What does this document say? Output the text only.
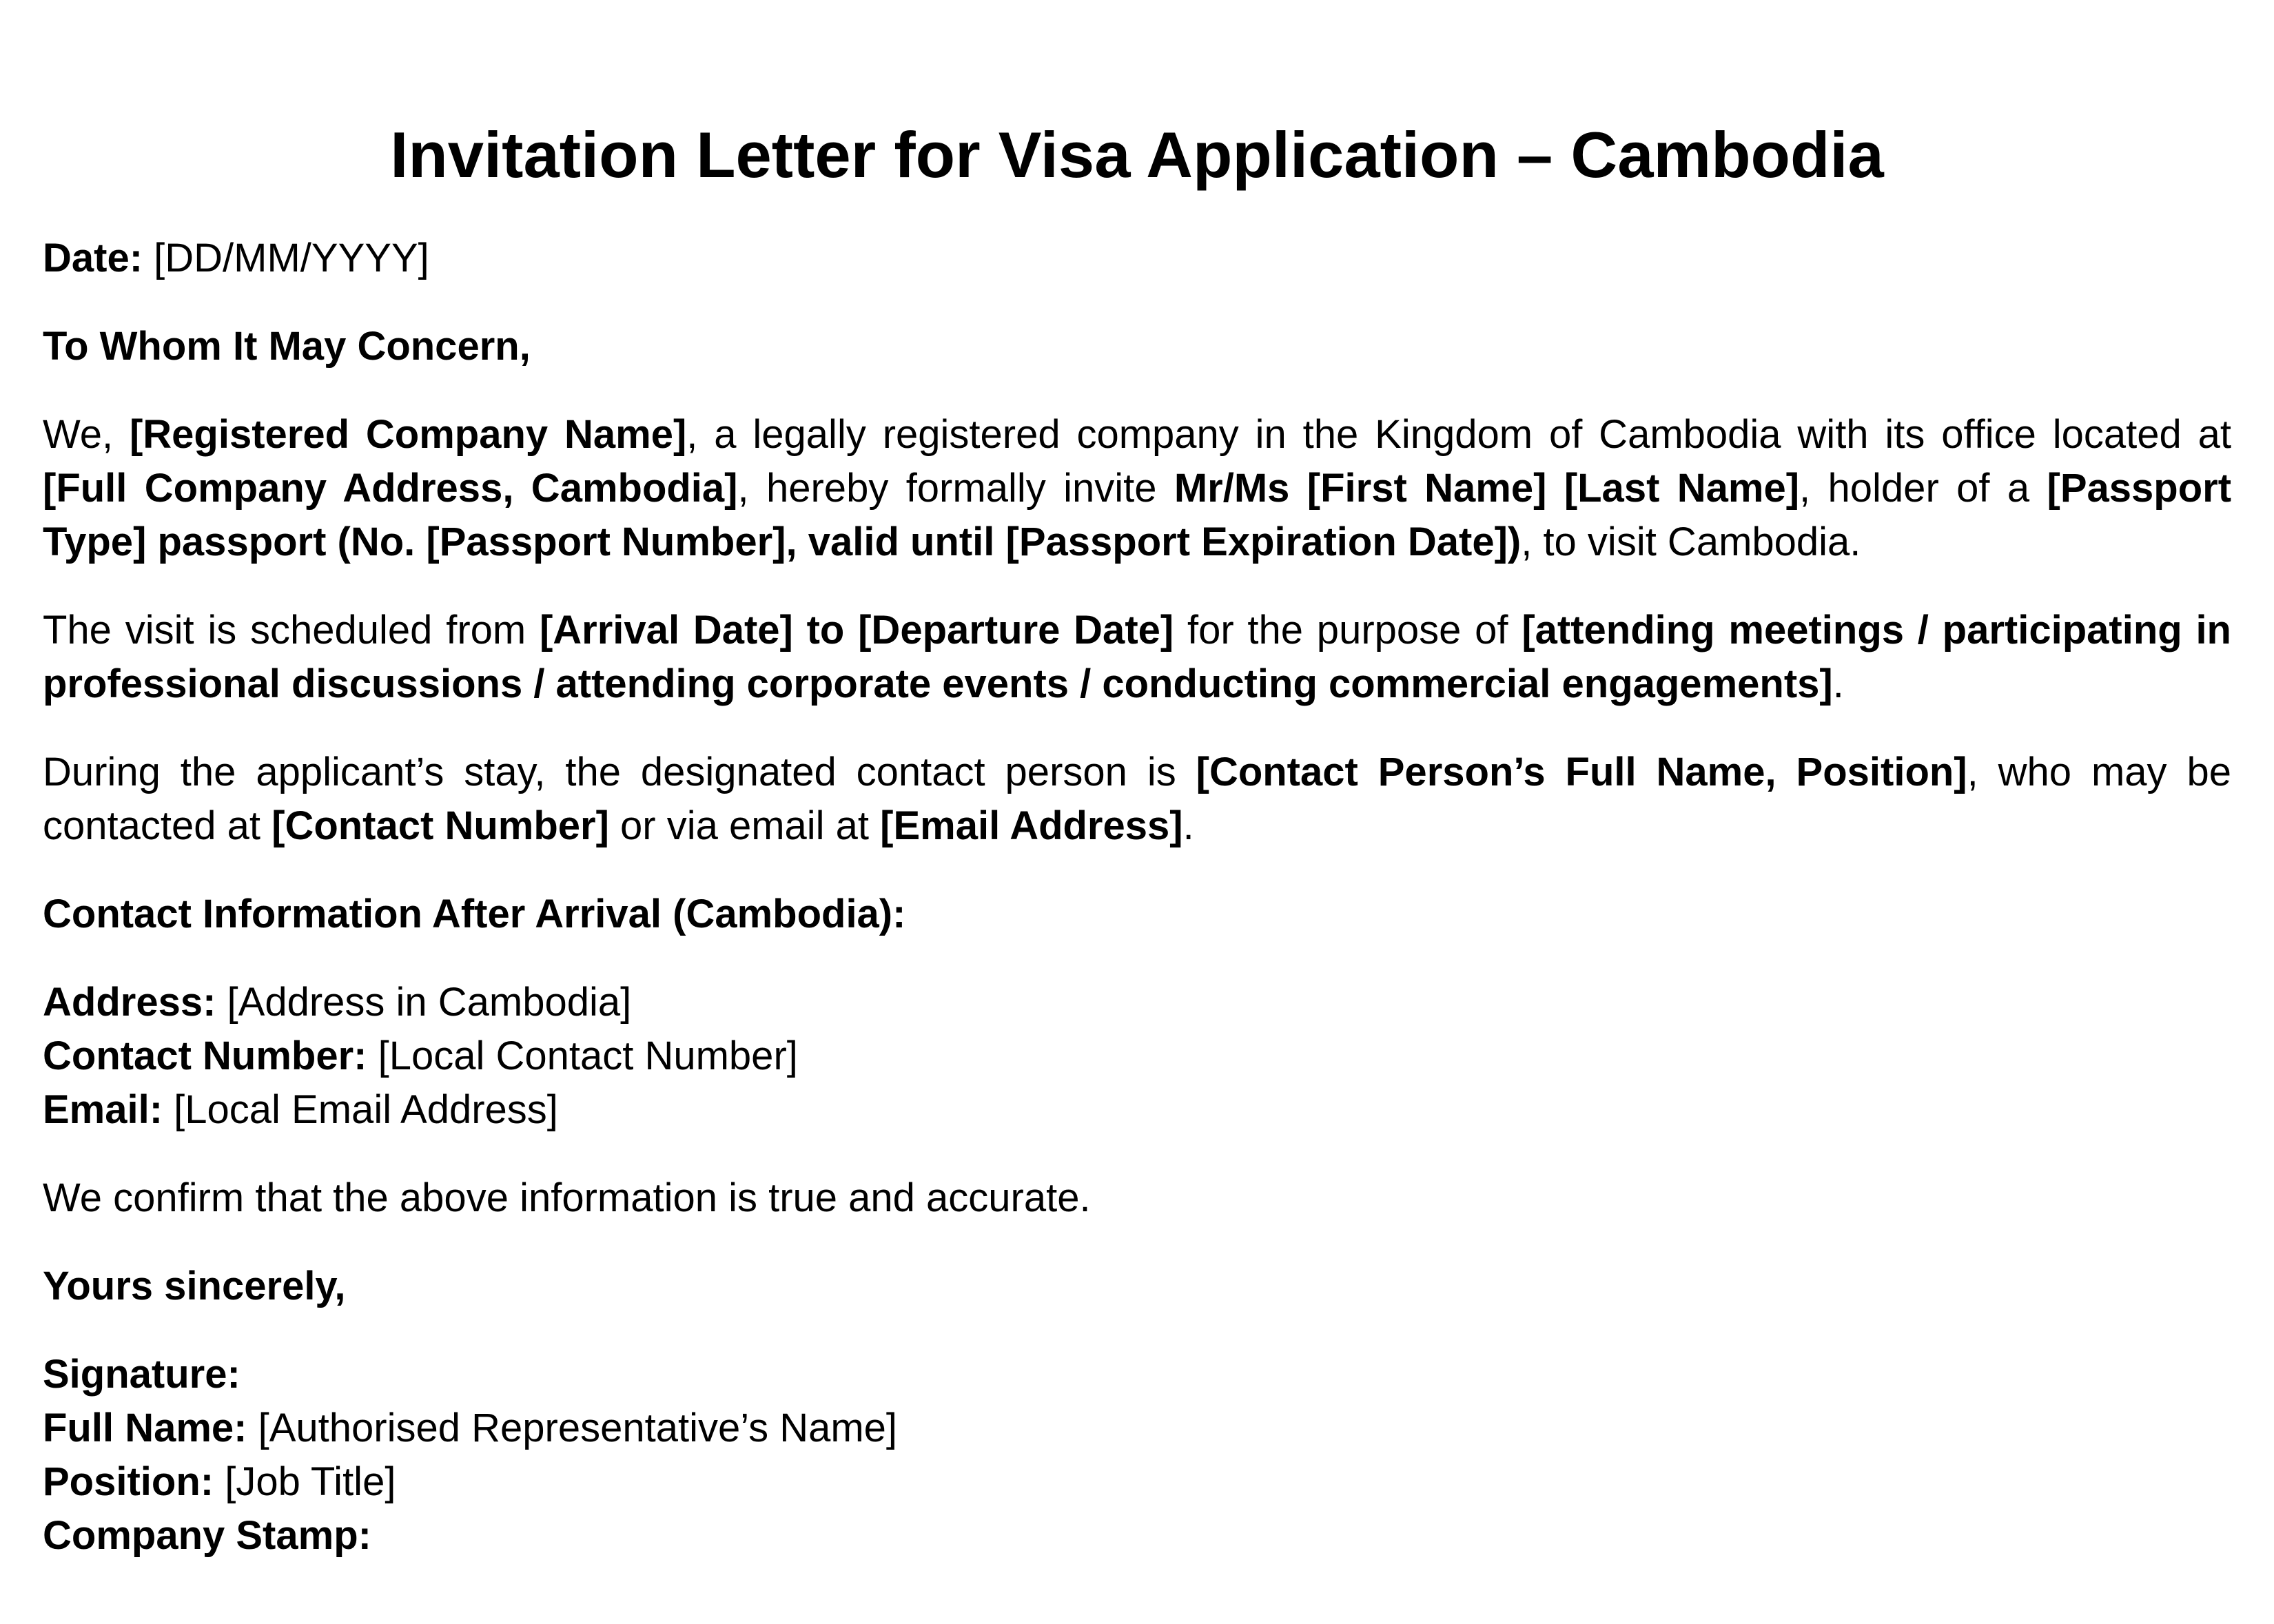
Invitation Letter for Visa Application – Cambodia

Date: [DD/MM/YYYY]

To Whom It May Concern,

We, [Registered Company Name], a legally registered company in the Kingdom of Cambodia with its office located at [Full Company Address, Cambodia], hereby formally invite Mr/Ms [First Name] [Last Name], holder of a [Passport Type] passport (No. [Passport Number], valid until [Passport Expiration Date]), to visit Cambodia.

The visit is scheduled from [Arrival Date] to [Departure Date] for the purpose of [attending meetings / participating in professional discussions / attending corporate events / conducting commercial engagements].

During the applicant’s stay, the designated contact person is [Contact Person’s Full Name, Position], who may be contacted at [Contact Number] or via email at [Email Address].

Contact Information After Arrival (Cambodia):

Address: [Address in Cambodia]
Contact Number: [Local Contact Number]
Email: [Local Email Address]

We confirm that the above information is true and accurate.

Yours sincerely,

Signature:
Full Name: [Authorised Representative’s Name]
Position: [Job Title]
Company Stamp:
